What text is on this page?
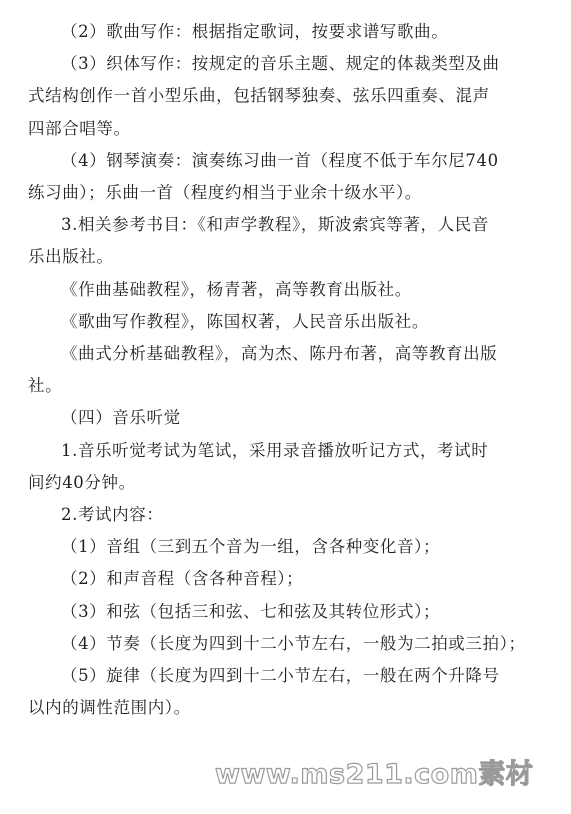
（2）歌曲写作：根据指定歌词，按要求谱写歌曲。
（3）织体写作：按规定的音乐主题、规定的体裁类型及曲
式结构创作一首小型乐曲，包括钢琴独奏、弦乐四重奏、混声
四部合唱等。
（4）钢琴演奏：演奏练习曲一首（程度不低于车尔尼740
练习曲）；乐曲一首（程度约相当于业余十级水平）。
3.相关参考书目：《和声学教程》，斯波索宾等著，人民音
乐出版社。
《作曲基础教程》，杨青著，高等教育出版社。
《歌曲写作教程》，陈国权著，人民音乐出版社。
《曲式分析基础教程》，高为杰、陈丹布著，高等教育出版
社。
（四）音乐听觉
1.音乐听觉考试为笔试，采用录音播放听记方式，考试时
间约40分钟。
2.考试内容：
（1）音组（三到五个音为一组，含各种变化音）；
（2）和声音程（含各种音程）；
（3）和弦（包括三和弦、七和弦及其转位形式）；
（4）节奏（长度为四到十二小节左右，一般为二拍或三拍）；
（5）旋律（长度为四到十二小节左右，一般在两个升降号
以内的调性范围内）。
www.ms211.com素材
